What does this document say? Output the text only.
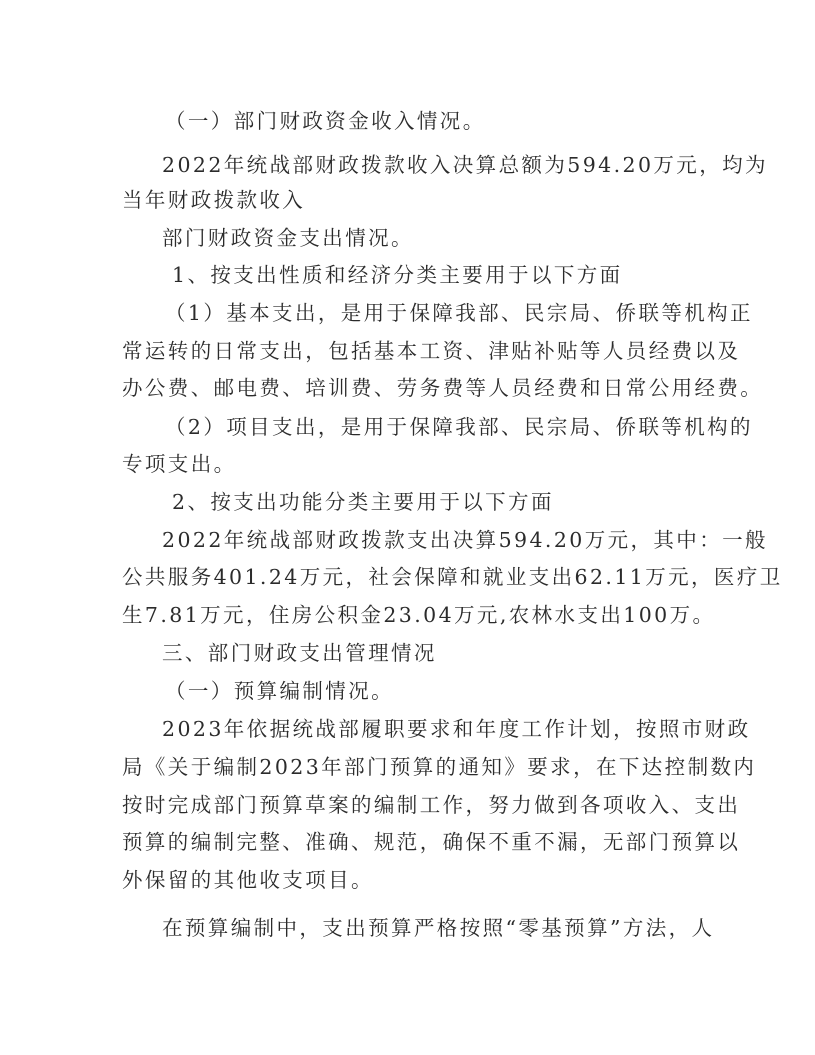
（一）部门财政资金收入情况。
2022年统战部财政拨款收入决算总额为594.20万元，均为
当年财政拨款收入
部门财政资金支出情况。
1、按支出性质和经济分类主要用于以下方面
（1）基本支出，是用于保障我部、民宗局、侨联等机构正
常运转的日常支出，包括基本工资、津贴补贴等人员经费以及
办公费、邮电费、培训费、劳务费等人员经费和日常公用经费。
（2）项目支出，是用于保障我部、民宗局、侨联等机构的
专项支出。
2、按支出功能分类主要用于以下方面
2022年统战部财政拨款支出决算594.20万元，其中：一般
公共服务401.24万元，社会保障和就业支出62.11万元，医疗卫
生7.81万元，住房公积金23.04万元,农林水支出100万。
三、部门财政支出管理情况
（一）预算编制情况。
2023年依据统战部履职要求和年度工作计划，按照市财政
局《关于编制2023年部门预算的通知》要求，在下达控制数内
按时完成部门预算草案的编制工作，努力做到各项收入、支出
预算的编制完整、准确、规范，确保不重不漏，无部门预算以
外保留的其他收支项目。
在预算编制中，支出预算严格按照“零基预算”方法，人
